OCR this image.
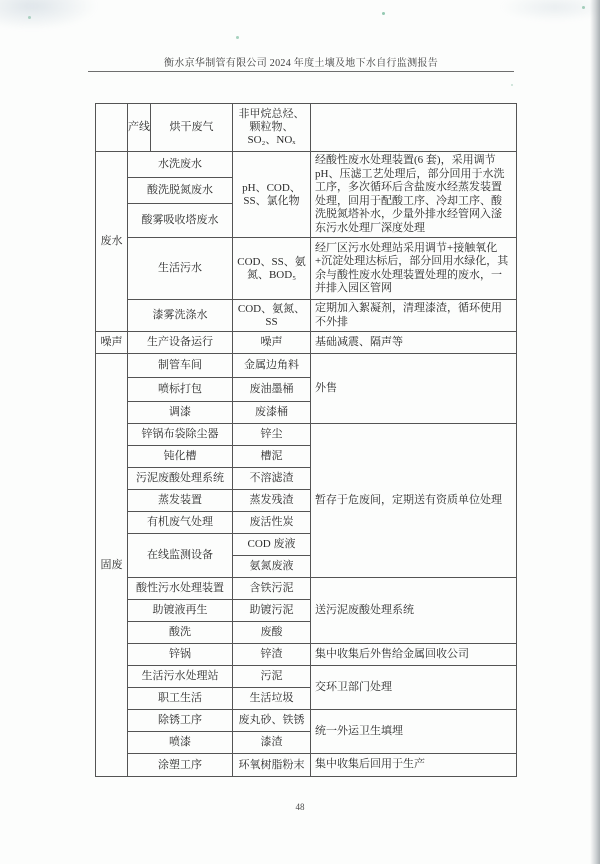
衡水京华制管有限公司 2024 年度土壤及地下水自行监测报告
	产线	烘干废气	非甲烷总烃、颗粒物、SO₂、NOₓ	
废水	水洗废水		pH、COD、SS、氯化物	经酸性废水处理装置(6 套)，采用调节 pH、压滤工艺处理后，部分回用于水洗工序，多次循环后含盐废水经蒸发装置处理，回用于配酸工序、冷却工序、酸洗脱氮塔补水，少量外排水经管网入滏东污水处理厂深度处理
	酸洗脱氮废水			
	酸雾吸收塔废水			
	生活污水		COD、SS、氨氮、BOD₅	经厂区污水处理站采用调节+接触氧化+沉淀处理达标后，部分回用水绿化，其余与酸性废水处理装置处理的废水，一并排入园区管网
	漆雾洗涤水		COD、氨氮、SS	定期加入絮凝剂，清理漆渣，循环使用不外排
噪声	生产设备运行		噪声	基础减震、隔声等
固废	制管车间		金属边角料	外售
	喷标打包		废油墨桶	
	调漆		废漆桶	
	锌锅布袋除尘器		锌尘	暂存于危废间，定期送有资质单位处理
	钝化槽		槽泥	
	污泥废酸处理系统		不溶滤渣	
	蒸发装置		蒸发残渣	
	有机废气处理		废活性炭	
	在线监测设备		COD 废液	
			氨氮废液	
	酸性污水处理装置		含铁污泥	送污泥废酸处理系统
	助镀液再生		助镀污泥	
	酸洗		废酸	
	锌锅		锌渣	集中收集后外售给金属回收公司
	生活污水处理站		污泥	交环卫部门处理
	职工生活		生活垃圾	
	除锈工序		废丸砂、铁锈	统一外运卫生填埋
	喷漆		漆渣	
	涂塑工序		环氧树脂粉末	集中收集后回用于生产
48
